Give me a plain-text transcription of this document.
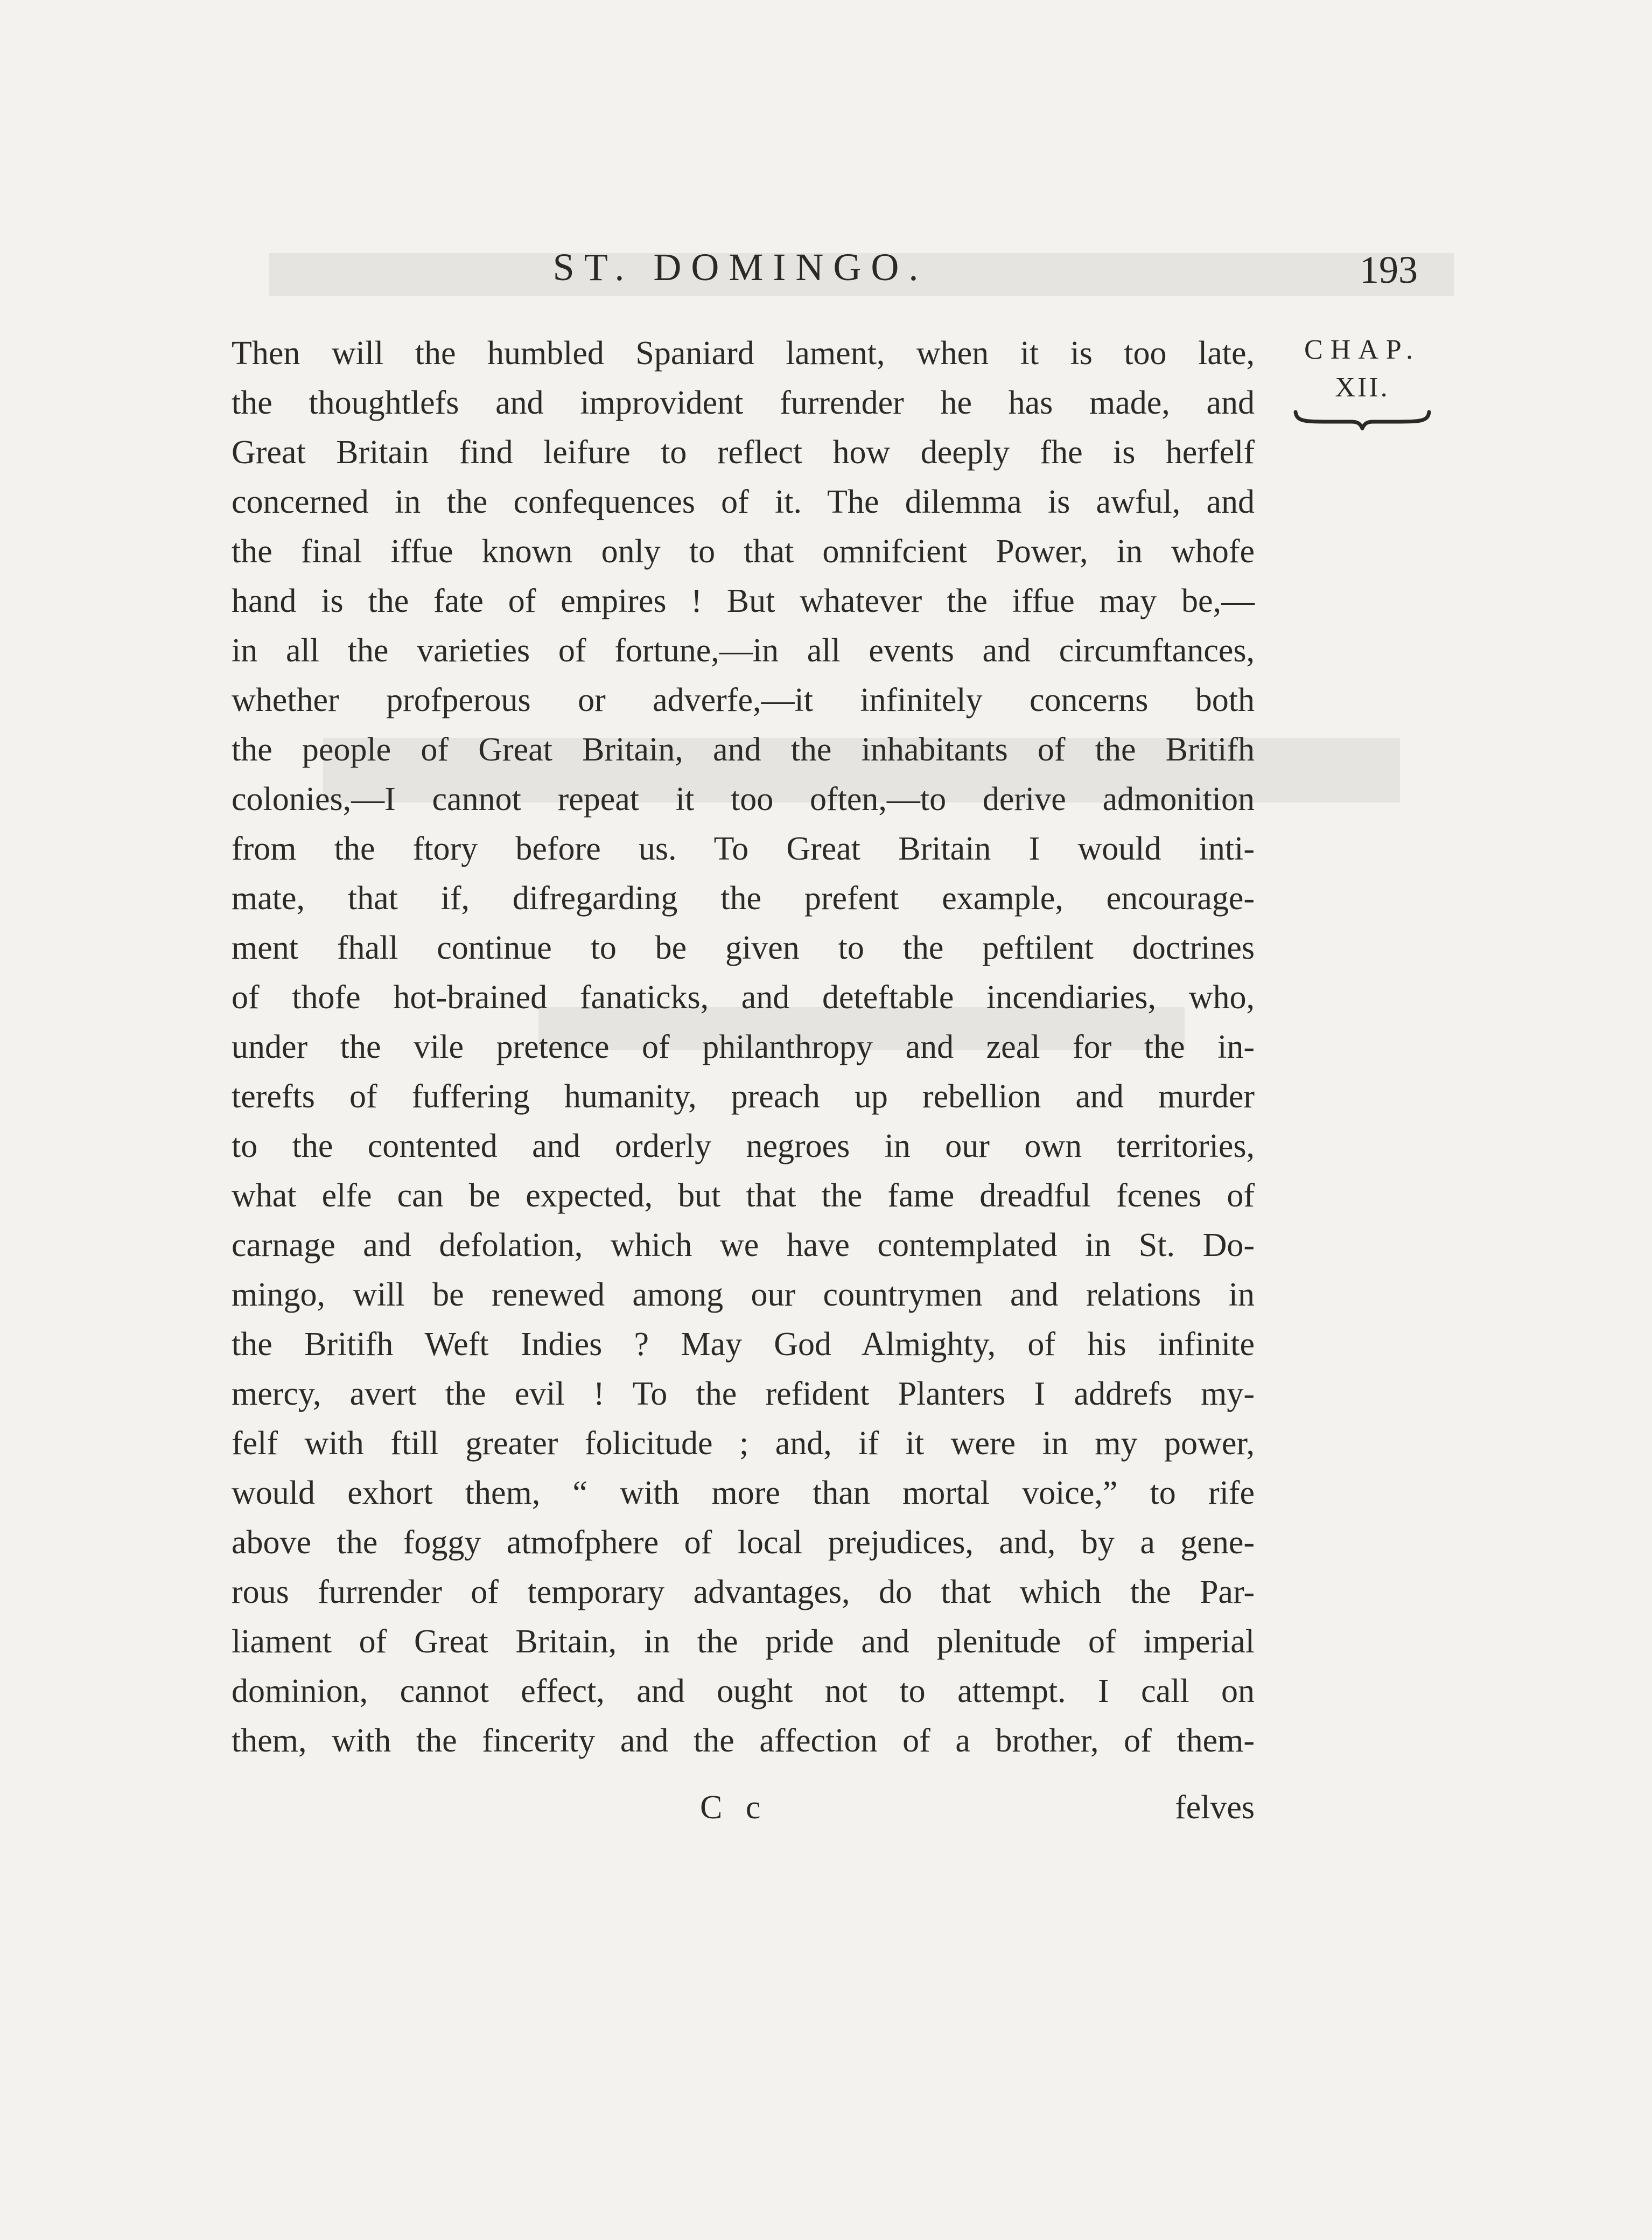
ST. DOMINGO.	193
CHAP.
XII.
Then will the humbled Spaniard lament, when it is too late,
the thoughtlefs and improvident furrender he has made, and
Great Britain find leifure to reflect how deeply fhe is herfelf
concerned in the confequences of it. The dilemma is awful, and
the final iffue known only to that omnifcient Power, in whofe
hand is the fate of empires ! But whatever the iffue may be,—
in all the varieties of fortune,—in all events and circumftances,
whether profperous or adverfe,—it infinitely concerns both
the people of Great Britain, and the inhabitants of the Britifh
colonies,—I cannot repeat it too often,—to derive admonition
from the ftory before us. To Great Britain I would inti-
mate, that if, difregarding the prefent example, encourage-
ment fhall continue to be given to the peftilent doctrines
of thofe hot-brained fanaticks, and deteftable incendiaries, who,
under the vile pretence of philanthropy and zeal for the in-
terefts of fuffering humanity, preach up rebellion and murder
to the contented and orderly negroes in our own territories,
what elfe can be expected, but that the fame dreadful fcenes of
carnage and defolation, which we have contemplated in St. Do-
mingo, will be renewed among our countrymen and relations in
the Britifh Weft Indies ? May God Almighty, of his infinite
mercy, avert the evil ! To the refident Planters I addrefs my-
felf with ftill greater folicitude ; and, if it were in my power,
would exhort them, “ with more than mortal voice,” to rife
above the foggy atmofphere of local prejudices, and, by a gene-
rous furrender of temporary advantages, do that which the Par-
liament of Great Britain, in the pride and plenitude of imperial
dominion, cannot effect, and ought not to attempt. I call on
them, with the fincerity and the affection of a brother, of them-
C c	felves
